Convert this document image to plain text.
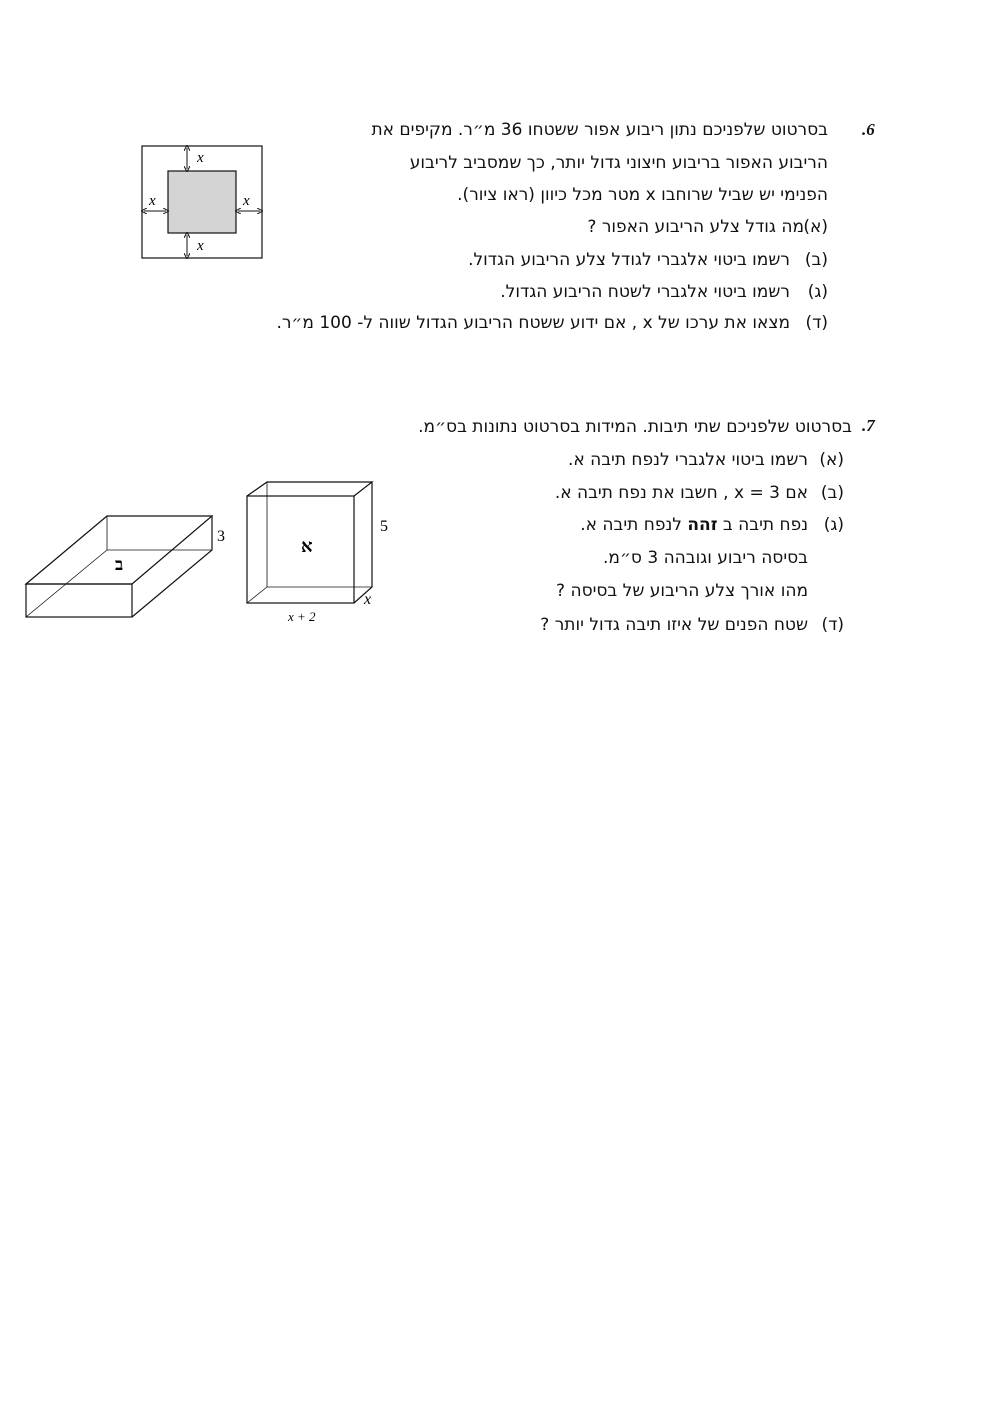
.6
בסרטוט שלפניכם נתון ריבוע אפור ששטחו 36 מ״ר. מקיפים את
הריבוע האפור בריבוע חיצוני גדול יותר, כך שמסביב לריבוע
הפנימי יש שביל שרוחבו x מטר מכל כיוון (ראו ציור).
(א)
מה גודל צלע הריבוע האפור ?
(ב)
רשמו ביטוי אלגברי לגודל צלע הריבוע הגדול.
(ג)
רשמו ביטוי אלגברי לשטח הריבוע הגדול.
(ד)
מצאו את ערכו של x , אם ידוע ששטח הריבוע הגדול שווה ל- 100 מ״ר.
x
x
x	x
.7
בסרטוט שלפניכם שתי תיבות. המידות בסרטוט נתונות בס״מ.
(א)
רשמו ביטוי אלגברי לנפח תיבה א.
(ב)
אם x = 3 , חשבו את נפח תיבה א.
(ג)
נפח תיבה ב זהה לנפח תיבה א.
בסיסה ריבוע וגובהה 3 ס״מ.
מהו אורך צלע הריבוע של בסיסה ?
(ד)
שטח הפנים של איזו תיבה גדול יותר ?
ב
3	א
5
x
x + 2
